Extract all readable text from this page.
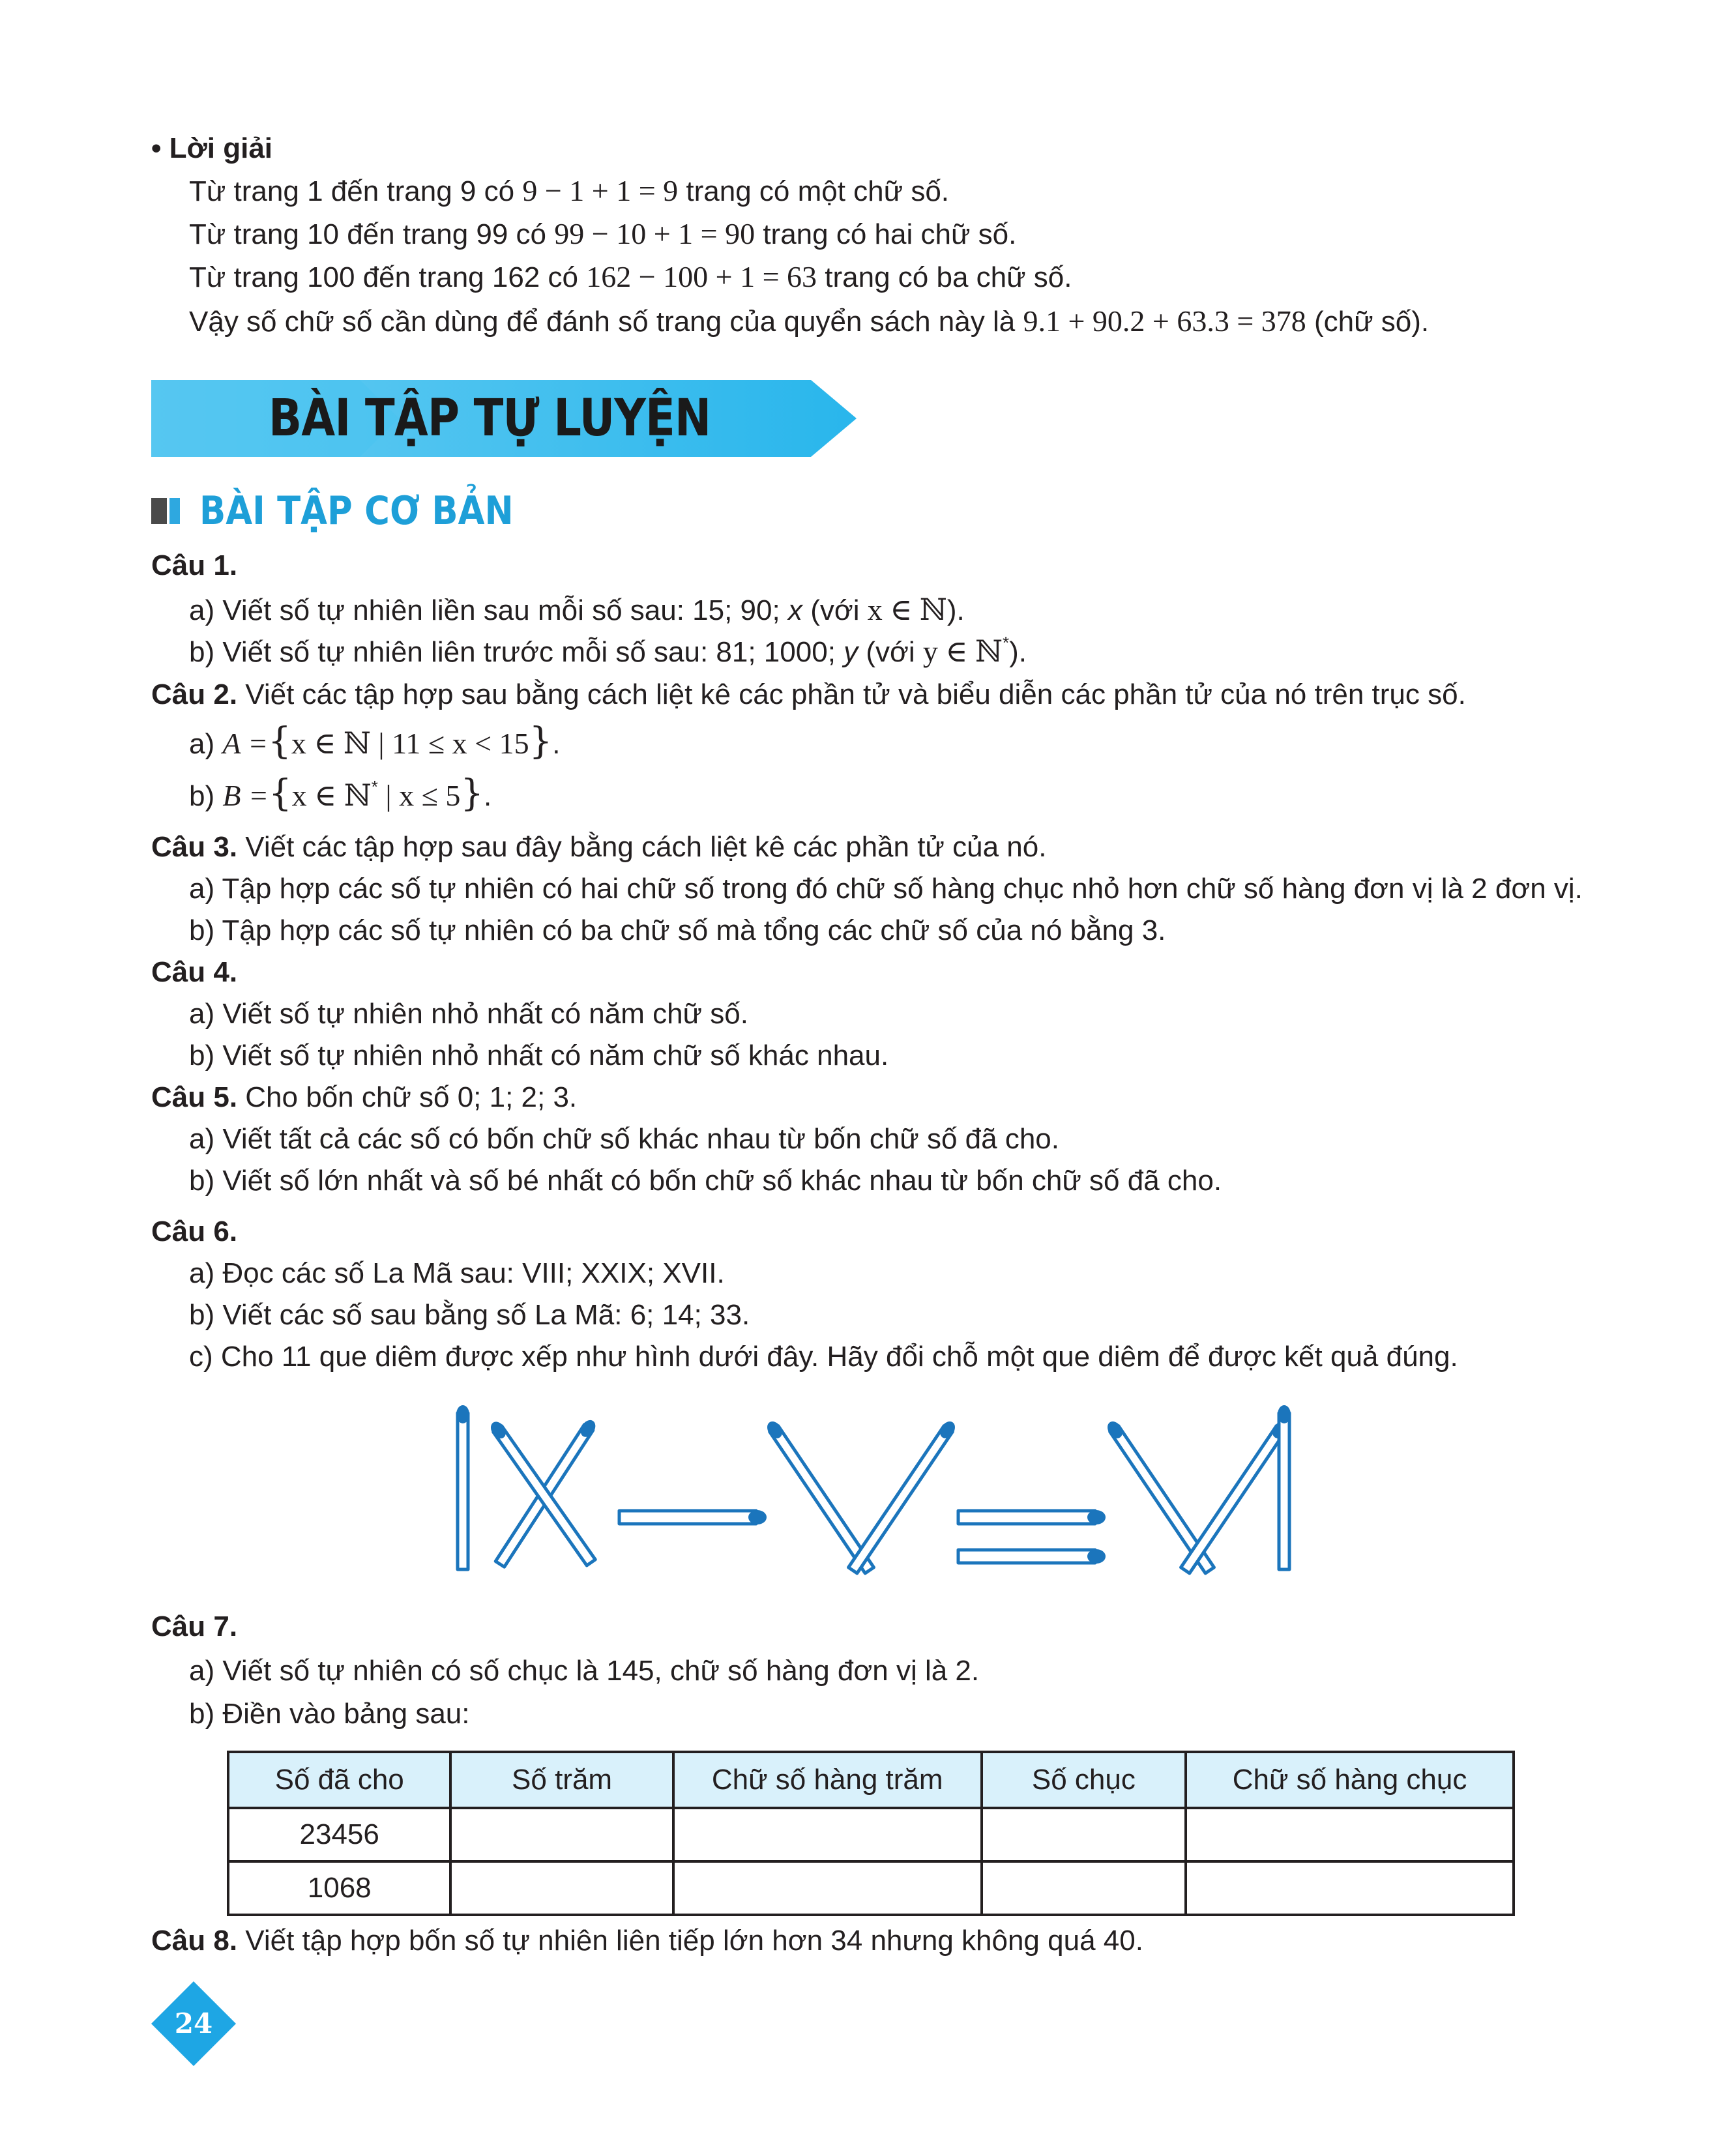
• Lời giải
Từ trang 1 đến trang 9 có 9 − 1 + 1 = 9 trang có một chữ số.
Từ trang 10 đến trang 99 có 99 − 10 + 1 = 90 trang có hai chữ số.
Từ trang 100 đến trang 162 có 162 − 100 + 1 = 63 trang có ba chữ số.
Vậy số chữ số cần dùng để đánh số trang của quyển sách này là 9.1 + 90.2 + 63.3 = 378 (chữ số).
BÀI TẬP TỰ LUYỆN
BÀI TẬP CƠ BẢN
Câu 1.
a) Viết số tự nhiên liền sau mỗi số sau: 15; 90; x (với x ∈ ℕ).
b) Viết số tự nhiên liên trước mỗi số sau: 81; 1000; y (với y ∈ ℕ*).
Câu 2. Viết các tập hợp sau bằng cách liệt kê các phần tử và biểu diễn các phần tử của nó trên trục số.
a) A ={x ∈ ℕ | 11 ≤ x < 15}.
b) B ={x ∈ ℕ* | x ≤ 5}.
Câu 3. Viết các tập hợp sau đây bằng cách liệt kê các phần tử của nó.
a) Tập hợp các số tự nhiên có hai chữ số trong đó chữ số hàng chục nhỏ hơn chữ số hàng đơn vị là 2 đơn vị.
b) Tập hợp các số tự nhiên có ba chữ số mà tổng các chữ số của nó bằng 3.
Câu 4.
a) Viết số tự nhiên nhỏ nhất có năm chữ số.
b) Viết số tự nhiên nhỏ nhất có năm chữ số khác nhau.
Câu 5. Cho bốn chữ số 0; 1; 2; 3.
a) Viết tất cả các số có bốn chữ số khác nhau từ bốn chữ số đã cho.
b) Viết số lớn nhất và số bé nhất có bốn chữ số khác nhau từ bốn chữ số đã cho.
Câu 6.
a) Đọc các số La Mã sau: VIII; XXIX; XVII.
b) Viết các số sau bằng số La Mã: 6; 14; 33.
c) Cho 11 que diêm được xếp như hình dưới đây. Hãy đổi chỗ một que diêm để được kết quả đúng.
Câu 7.
a) Viết số tự nhiên có số chục là 145, chữ số hàng đơn vị là 2.
b) Điền vào bảng sau:
Số đã cho	Số trăm	Chữ số hàng trăm	Số chục	Chữ số hàng chục
23456				
1068				
Câu 8. Viết tập hợp bốn số tự nhiên liên tiếp lớn hơn 34 nhưng không quá 40.
24
